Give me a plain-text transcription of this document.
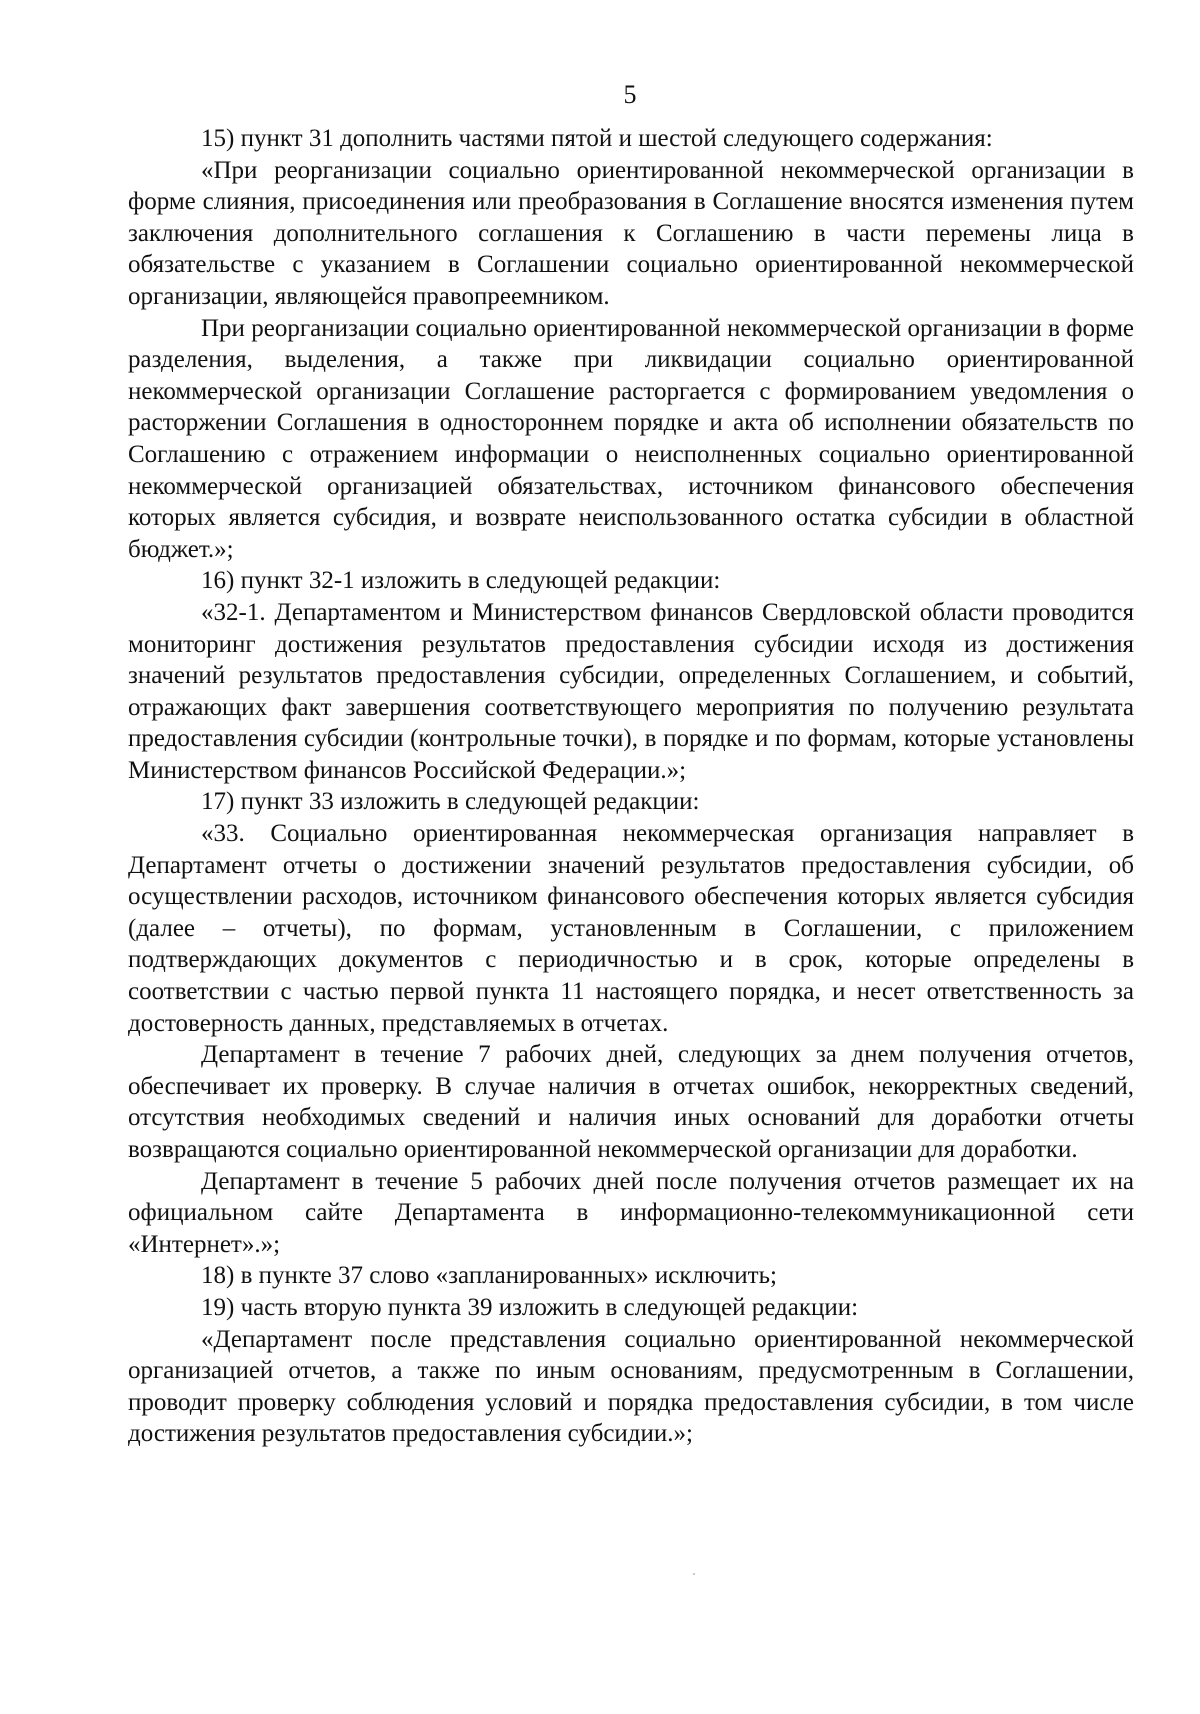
5

15) пункт 31 дополнить частями пятой и шестой следующего содержания:

«При реорганизации социально ориентированной некоммерческой организации в форме слияния, присоединения или преобразования в Соглашение вносятся изменения путем заключения дополнительного соглашения к Соглашению в части перемены лица в обязательстве с указанием в Соглашении социально ориентированной некоммерческой организации, являющейся правопреемником.

При реорганизации социально ориентированной некоммерческой организации в форме разделения, выделения, а также при ликвидации социально ориентированной некоммерческой организации Соглашение расторгается с формированием уведомления о расторжении Соглашения в одностороннем порядке и акта об исполнении обязательств по Соглашению с отражением информации о неисполненных социально ориентированной некоммерческой организацией обязательствах, источником финансового обеспечения которых является субсидия, и возврате неиспользованного остатка субсидии в областной бюджет.»;

16) пункт 32-1 изложить в следующей редакции:

«32-1. Департаментом и Министерством финансов Свердловской области проводится мониторинг достижения результатов предоставления субсидии исходя из достижения значений результатов предоставления субсидии, определенных Соглашением, и событий, отражающих факт завершения соответствующего мероприятия по получению результата предоставления субсидии (контрольные точки), в порядке и по формам, которые установлены Министерством финансов Российской Федерации.»;

17) пункт 33 изложить в следующей редакции:

«33. Социально ориентированная некоммерческая организация направляет в Департамент отчеты о достижении значений результатов предоставления субсидии, об осуществлении расходов, источником финансового обеспечения которых является субсидия (далее – отчеты), по формам, установленным в Соглашении, с приложением подтверждающих документов с периодичностью и в срок, которые определены в соответствии с частью первой пункта 11 настоящего порядка, и несет ответственность за достоверность данных, представляемых в отчетах.

Департамент в течение 7 рабочих дней, следующих за днем получения отчетов, обеспечивает их проверку. В случае наличия в отчетах ошибок, некорректных сведений, отсутствия необходимых сведений и наличия иных оснований для доработки отчеты возвращаются социально ориентированной некоммерческой организации для доработки.

Департамент в течение 5 рабочих дней после получения отчетов размещает их на официальном сайте Департамента в информационно-телекоммуникационной сети «Интернет».»;

18) в пункте 37 слово «запланированных» исключить;

19) часть вторую пункта 39 изложить в следующей редакции:

«Департамент после представления социально ориентированной некоммерческой организацией отчетов, а также по иным основаниям, предусмотренным в Соглашении, проводит проверку соблюдения условий и порядка предоставления субсидии, в том числе достижения результатов предоставления субсидии.»;
